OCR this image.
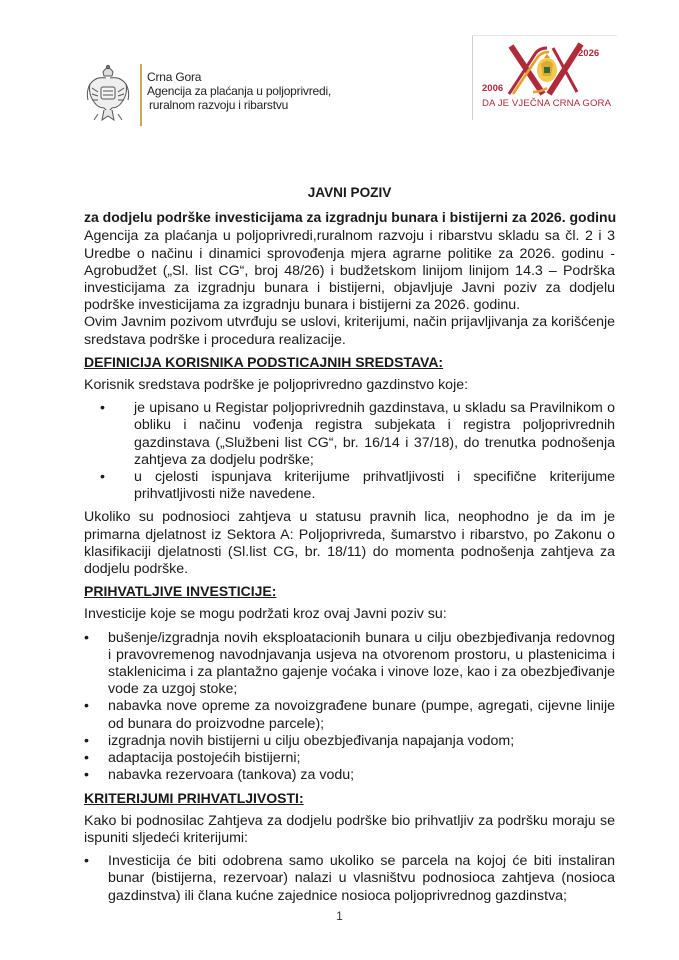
Crna Gora
Agencija za plaćanja u poljoprivredi,
ruralnom razvoju i ribarstvu
2026
2006
DA JE VJEČNA CRNA GORA
JAVNI POZIV
za dodjelu podrške investicijama za izgradnju bunara i bistijerni za 2026. godinu

Agencija za plaćanja u poljoprivredi,ruralnom razvoju i ribarstvu skladu sa čl. 2 i 3 Uredbe o načinu i dinamici sprovođenja mjera agrarne politike za 2026. godinu - Agrobudžet („Sl. list CG“, broj 48/26) i budžetskom linijom linijom 14.3 – Podrška investicijama za izgradnju bunara i bistijerni, objavljuje Javni poziv za dodjelu podrške investicijama za izgradnju bunara i bistijerni za 2026. godinu.

Ovim Javnim pozivom utvrđuju se uslovi, kriterijumi, način prijavljivanja za korišćenje sredstava podrške i procedura realizacije.

DEFINICIJA KORISNIKA PODSTICAJNIH SREDSTAVA:

Korisnik sredstava podrške je poljoprivredno gazdinstvo koje:

• je upisano u Registar poljoprivrednih gazdinstava, u skladu sa Pravilnikom o obliku i načinu vođenja registra subjekata i registra poljoprivrednih gazdinstava („Službeni list CG“, br. 16/14 i 37/18), do trenutka podnošenja zahtjeva za dodjelu podrške;
• u cjelosti ispunjava kriterijume prihvatljivosti i specifične kriterijume prihvatljivosti niže navedene.

Ukoliko su podnosioci zahtjeva u statusu pravnih lica, neophodno je da im je primarna djelatnost iz Sektora A: Poljoprivreda, šumarstvo i ribarstvo, po Zakonu o klasifikaciji djelatnosti (Sl.list CG, br. 18/11) do momenta podnošenja zahtjeva za dodjelu podrške.

PRIHVATLJIVE INVESTICIJE:

Investicije koje se mogu podržati kroz ovaj Javni poziv su:

• bušenje/izgradnja novih eksploatacionih bunara u cilju obezbjeđivanja redovnog i pravovremenog navodnjavanja usjeva na otvorenom prostoru, u plastenicima i staklenicima i za plantažno gajenje voćaka i vinove loze, kao i za obezbjeđivanje vode za uzgoj stoke;
• nabavka nove opreme za novoizgrađene bunare (pumpe, agregati, cijevne linije od bunara do proizvodne parcele);
• izgradnja novih bistijerni u cilju obezbjeđivanja napajanja vodom;
• adaptacija postojećih bistijerni;
• nabavka rezervoara (tankova) za vodu;
KRITERIJUMI PRIHVATLJIVOSTI:

Kako bi podnosilac Zahtjeva za dodjelu podrške bio prihvatljiv za podršku moraju se ispuniti sljedeći kriterijumi:

• Investicija će biti odobrena samo ukoliko se parcela na kojoj će biti instaliran bunar (bistijerna, rezervoar) nalazi u vlasništvu podnosioca zahtjeva (nosioca gazdinstva) ili člana kućne zajednice nosioca poljoprivrednog gazdinstva;
1
